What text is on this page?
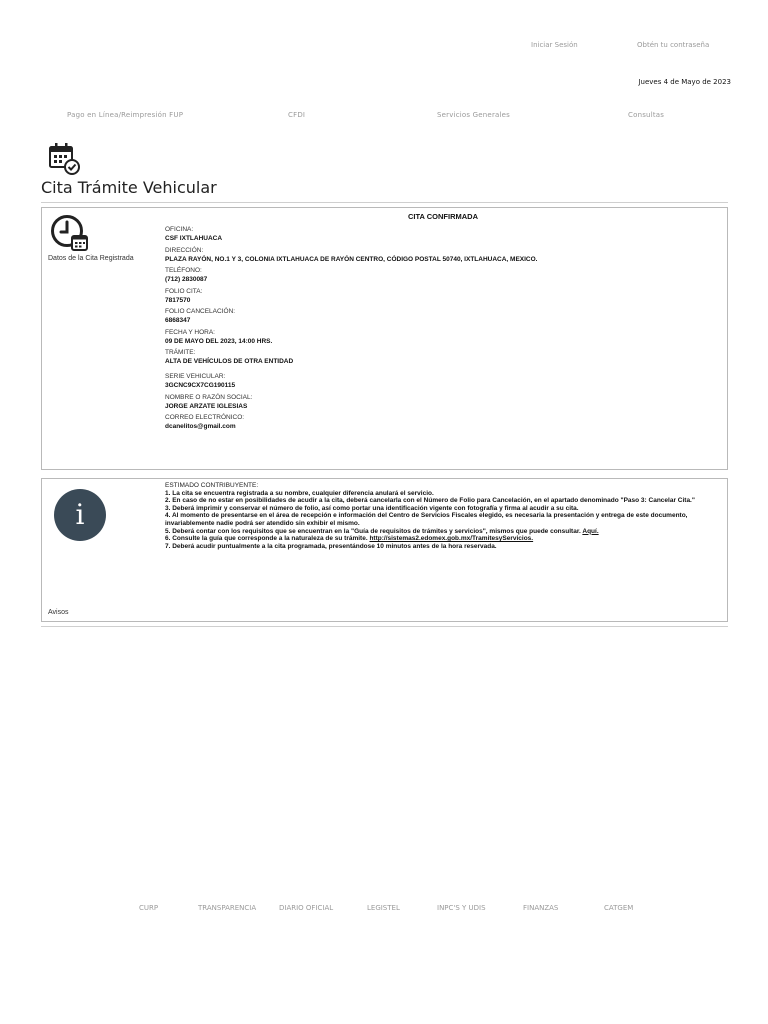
Iniciar Sesión	Obtén tu contraseña
Jueves 4 de Mayo de 2023
Pago en Línea/Reimpresión FUP	CFDI	Servicios Generales	Consultas
Cita Trámite Vehicular
Datos de la Cita Registrada
CITA CONFIRMADA
OFICINA:
CSF IXTLAHUACA
DIRECCIÓN:
PLAZA RAYÓN, NO.1 Y 3, COLONIA IXTLAHUACA DE RAYÓN CENTRO, CÓDIGO POSTAL 50740, IXTLAHUACA, MEXICO.
TELÉFONO:
(712) 2830087
FOLIO CITA:
7817570
FOLIO CANCELACIÓN:
6868347
FECHA Y HORA:
09 DE MAYO DEL 2023, 14:00 HRS.
TRÁMITE:
ALTA DE VEHÍCULOS DE OTRA ENTIDAD
SERIE VEHICULAR:
3GCNC9CX7CG190115
NOMBRE O RAZÓN SOCIAL:
JORGE ARZATE IGLESIAS
CORREO ELECTRÓNICO:
dcanelitos@gmail.com
i
Avisos
ESTIMADO CONTRIBUYENTE:
1. La cita se encuentra registrada a su nombre, cualquier diferencia anulará el servicio.
2. En caso de no estar en posibilidades de acudir a la cita, deberá cancelarla con el Número de Folio para Cancelación, en el apartado denominado "Paso 3: Cancelar Cita."
3. Deberá imprimir y conservar el número de folio, así como portar una identificación vigente con fotografía y firma al acudir a su cita.
4. Al momento de presentarse en el área de recepción e información del Centro de Servicios Fiscales elegido, es necesaria la presentación y entrega de este documento, invariablemente nadie podrá ser atendido sin exhibir el mismo.
5. Deberá contar con los requisitos que se encuentran en la "Guía de requisitos de trámites y servicios", mismos que puede consultar. Aquí.
6. Consulte la guía que corresponde a la naturaleza de su trámite. http://sistemas2.edomex.gob.mx/TramitesyServicios.
7. Deberá acudir puntualmente a la cita programada, presentándose 10 minutos antes de la hora reservada.
CURP	TRANSPARENCIA	DIARIO OFICIAL	LEGISTEL	INPC'S Y UDIS	FINANZAS	CATGEM
